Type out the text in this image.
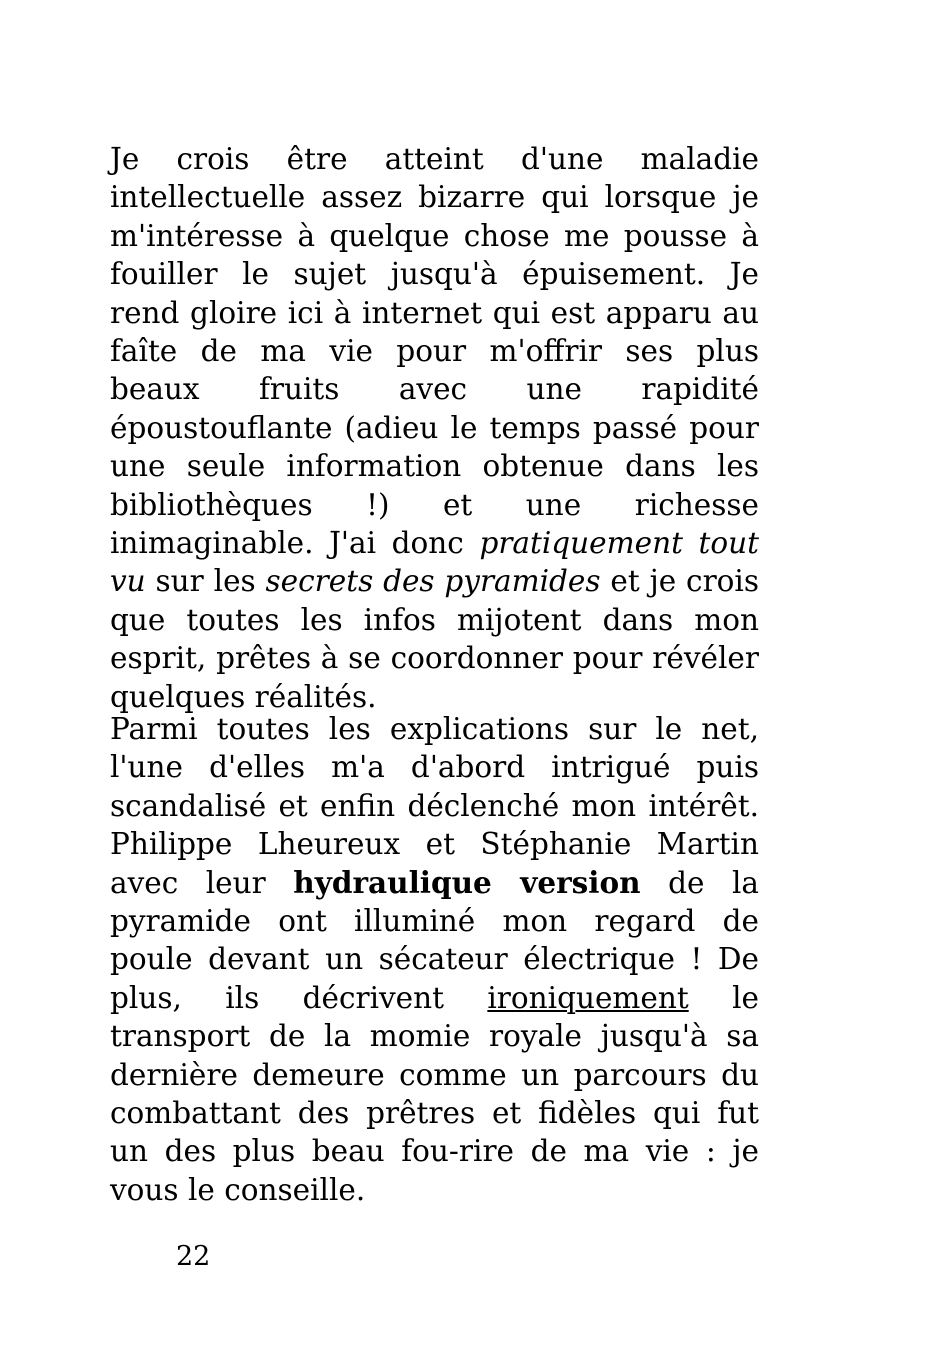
Je crois être atteint d'une maladie intellectuelle assez bizarre qui lorsque je m'intéresse à quelque chose me pousse à fouiller le sujet jusqu'à épuisement. Je rend gloire ici à internet qui est apparu au faîte de ma vie pour m'offrir ses plus beaux fruits avec une rapidité époustouflante (adieu le temps passé pour une seule information obtenue dans les bibliothèques !) et une richesse inimaginable. J'ai donc pratiquement tout vu sur les secrets des pyramides et je crois que toutes les infos mijotent dans mon esprit, prêtes à se coordonner pour révéler quelques réalités.

Parmi toutes les explications sur le net, l'une d'elles m'a d'abord intrigué puis scandalisé et enfin déclenché mon intérêt. Philippe Lheureux et Stéphanie Martin avec leur hydraulique version de la pyramide ont illuminé mon regard de poule devant un sécateur électrique ! De plus, ils décrivent ironiquement le transport de la momie royale jusqu'à sa dernière demeure comme un parcours du combattant des prêtres et fidèles qui fut un des plus beau fou-rire de ma vie : je vous le conseille.

22
